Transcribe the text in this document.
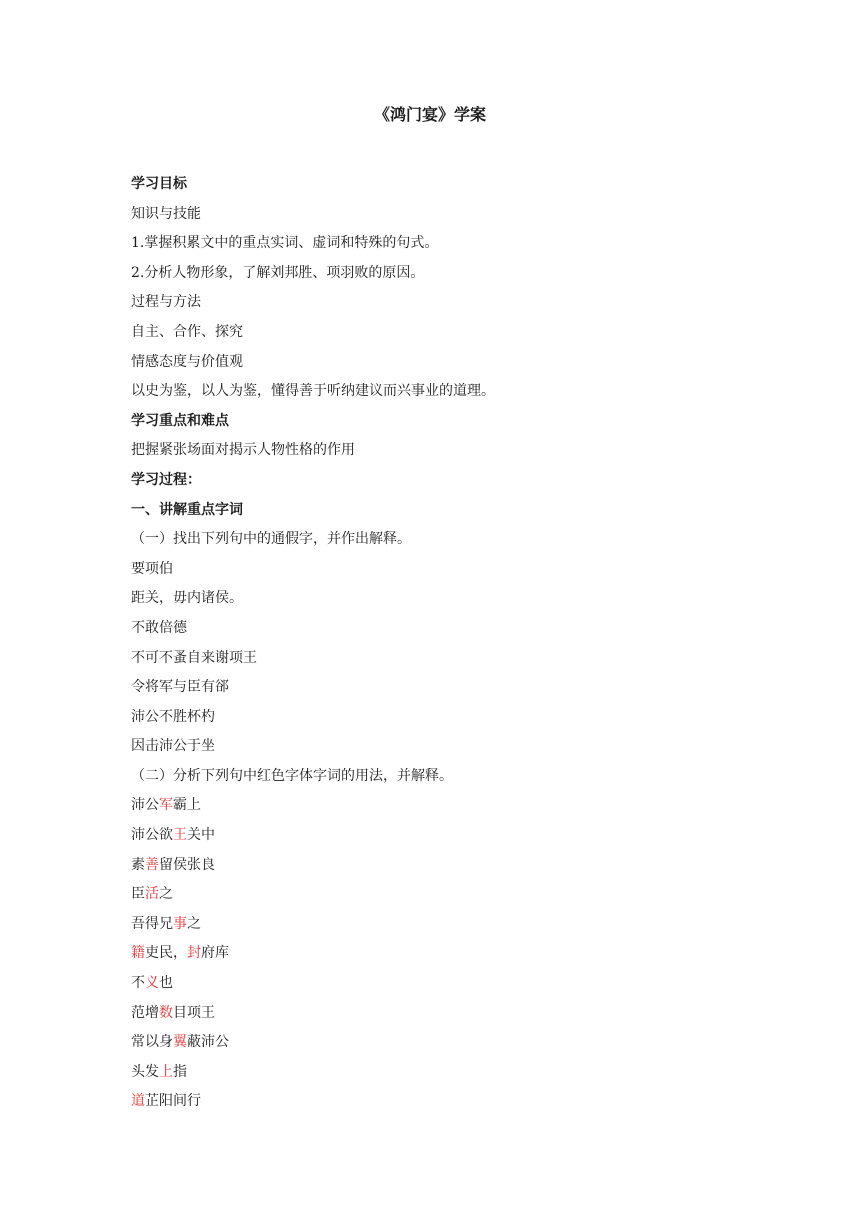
《鸿门宴》学案

学习目标

知识与技能

1.掌握积累文中的重点实词、虚词和特殊的句式。

2.分析人物形象，了解刘邦胜、项羽败的原因。

过程与方法

自主、合作、探究

情感态度与价值观

以史为鉴，以人为鉴，懂得善于听纳建议而兴事业的道理。

学习重点和难点

把握紧张场面对揭示人物性格的作用

学习过程：

一、讲解重点字词

（一）找出下列句中的通假字，并作出解释。

要项伯

距关，毋内诸侯。

不敢倍德

不可不蚤自来谢项王

令将军与臣有郤

沛公不胜杯杓

因击沛公于坐

（二）分析下列句中红色字体字词的用法，并解释。

沛公军霸上

沛公欲王关中

素善留侯张良

臣活之

吾得兄事之

籍吏民，封府库

不义也

范增数目项王

常以身翼蔽沛公

头发上指

道芷阳间行
